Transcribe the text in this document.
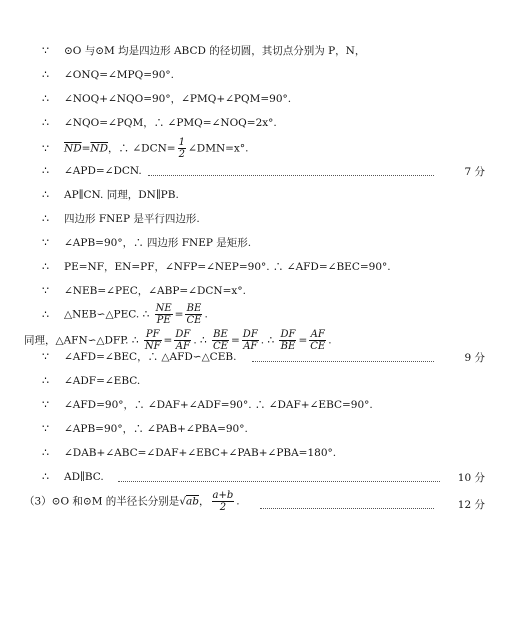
∵ ⊙O 与⊙M 均是四边形 ABCD 的径切圆，其切点分别为 P，N，
∴ ∠ONQ=∠MPQ=90°.
∴ ∠NOQ+∠NQO=90°，∠PMQ+∠PQM=90°.
∴ ∠NQO=∠PQM，∴ ∠PMQ=∠NOQ=2x°.
∵ $\overline{ND}=\overline{ND}$，∴ ∠DCN= $\frac{1}{2}$ ∠DMN=x°.
∴ ∠APD=∠DCN.	7 分
∴ AP∥CN. 同理，DN∥PB.
∴ 四边形 FNEP 是平行四边形.
∵ ∠APB=90°，∴ 四边形 FNEP 是矩形.
∴ PE=NF，EN=PF，∠NFP=∠NEP=90°. ∴ ∠AFD=∠BEC=90°.
∵ ∠NEB=∠PEC，∠ABP=∠DCN=x°.
∴ △NEB∽△PEC. ∴ $\frac{NE}{PE} = \frac{BE}{CE}$ .
同理，△AFN∽△DFP. ∴ $\frac{PF}{NF} = \frac{DF}{AF}$ . ∴ $\frac{BE}{CE} = \frac{DF}{AF}$ . ∴ $\frac{DF}{BE} = \frac{AF}{CE}$ .
∵ ∠AFD=∠BEC，∴ △AFD∽△CEB.	9 分
∴ ∠ADF=∠EBC.
∵ ∠AFD=90°，∴ ∠DAF+∠ADF=90°. ∴ ∠DAF+∠EBC=90°.
∵ ∠APB=90°，∴ ∠PAB+∠PBA=90°.
∴ ∠DAB+∠ABC=∠DAF+∠EBC+∠PAB+∠PBA=180°.
∴ AD∥BC.	10 分
（3）⊙O 和⊙M 的半径长分别是√ab， $\frac{a+b}{2}$ .	12 分
